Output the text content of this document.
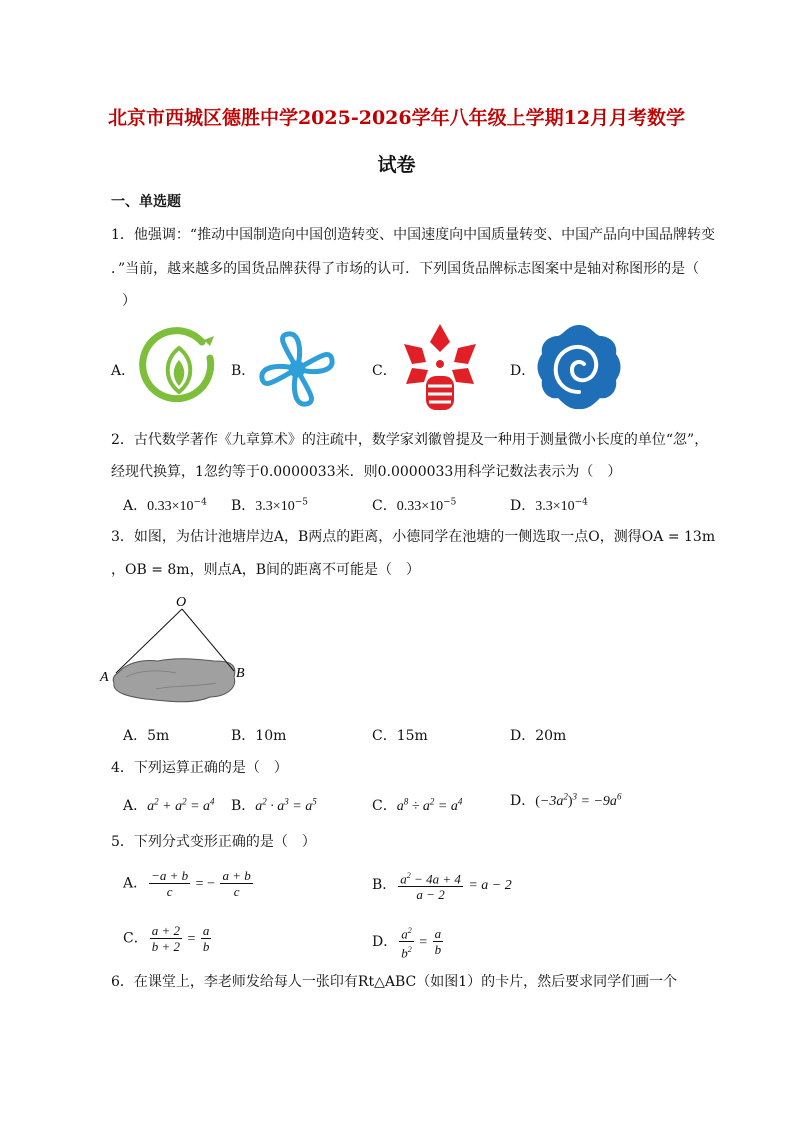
北京市西城区德胜中学2025-2026学年八年级上学期12月月考数学
试卷
一、单选题
1．他强调：“推动中国制造向中国创造转变、中国速度向中国质量转变、中国产品向中国品牌转变
．”当前，越来越多的国货品牌获得了市场的认可．下列国货品牌标志图案中是轴对称图形的是（
）
A．	B．	C．	D．
2．古代数学著作《九章算术》的注疏中，数学家刘徽曾提及一种用于测量微小长度的单位“忽”，
经现代换算，1忽约等于0.0000033米．则0.0000033用科学记数法表示为（　）
A．$0.33\times 10^{-4}$ B．$3.3\times 10^{-5}$	C．$0.33\times 10^{-5}$	D．$3.3\times 10^{-4}$
3．如图，为估计池塘岸边A，B两点的距离，小德同学在池塘的一侧选取一点O，测得OA = 13m
，OB = 8m，则点A，B间的距离不可能是（　）
O
A	B
A．5m	B．10m	C．15m	D．20m
4．下列运算正确的是（　）
A．$a^2 + a^2 = a^4$ B．$a^2 \cdot a^3 = a^5$	C．$a^8 \div a^2 = a^4$	D．$(-3a^2)^3 = -9a^6$
5．下列分式变形正确的是（　）
A． $\frac{-a + b}{c}$ = − $\frac{a + b}{c}$	B． $\frac{a^2 - 4a + 4}{a - 2} = a - 2$
C． $\frac{a + 2}{b + 2} = \frac{a}{b}$	D． $\frac{a^2}{b^2} = \frac{a}{b}$
6．在课堂上，李老师发给每人一张印有Rt△ABC（如图1）的卡片，然后要求同学们画一个
